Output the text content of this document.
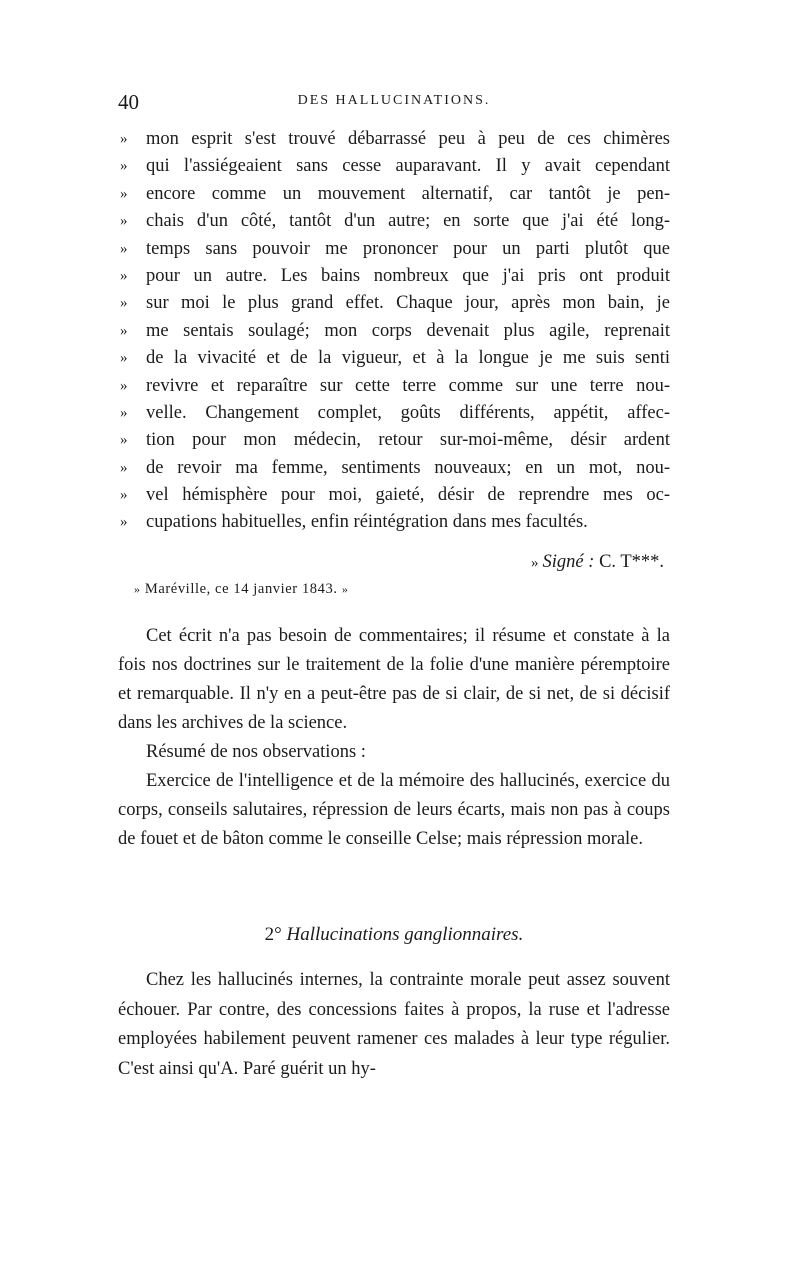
40	DES HALLUCINATIONS.
» mon esprit s'est trouvé débarrassé peu à peu de ces chimères
» qui l'assiégeaient sans cesse auparavant. Il y avait cependant
» encore comme un mouvement alternatif, car tantôt je pen-
» chais d'un côté, tantôt d'un autre; en sorte que j'ai été long-
» temps sans pouvoir me prononcer pour un parti plutôt que
» pour un autre. Les bains nombreux que j'ai pris ont produit
» sur moi le plus grand effet. Chaque jour, après mon bain, je
» me sentais soulagé; mon corps devenait plus agile, reprenait
» de la vivacité et de la vigueur, et à la longue je me suis senti
» revivre et reparaître sur cette terre comme sur une terre nou-
» velle. Changement complet, goûts différents, appétit, affec-
» tion pour mon médecin, retour sur-moi-même, désir ardent
» de revoir ma femme, sentiments nouveaux; en un mot, nou-
» vel hémisphère pour moi, gaieté, désir de reprendre mes oc-
» cupations habituelles, enfin réintégration dans mes facultés.
» Signé : C. T***.
» Maréville, ce 14 janvier 1843. »

Cet écrit n'a pas besoin de commentaires; il résume et constate à la fois nos doctrines sur le traitement de la folie d'une manière péremptoire et remarquable. Il n'y en a peut-être pas de si clair, de si net, de si décisif dans les archives de la science.

Résumé de nos observations :

Exercice de l'intelligence et de la mémoire des hallucinés, exercice du corps, conseils salutaires, répression de leurs écarts, mais non pas à coups de fouet et de bâton comme le conseille Celse; mais répression morale.

2° Hallucinations ganglionnaires.

Chez les hallucinés internes, la contrainte morale peut assez souvent échouer. Par contre, des concessions faites à propos, la ruse et l'adresse employées habilement peuvent ramener ces malades à leur type régulier. C'est ainsi qu'A. Paré guérit un hy-
